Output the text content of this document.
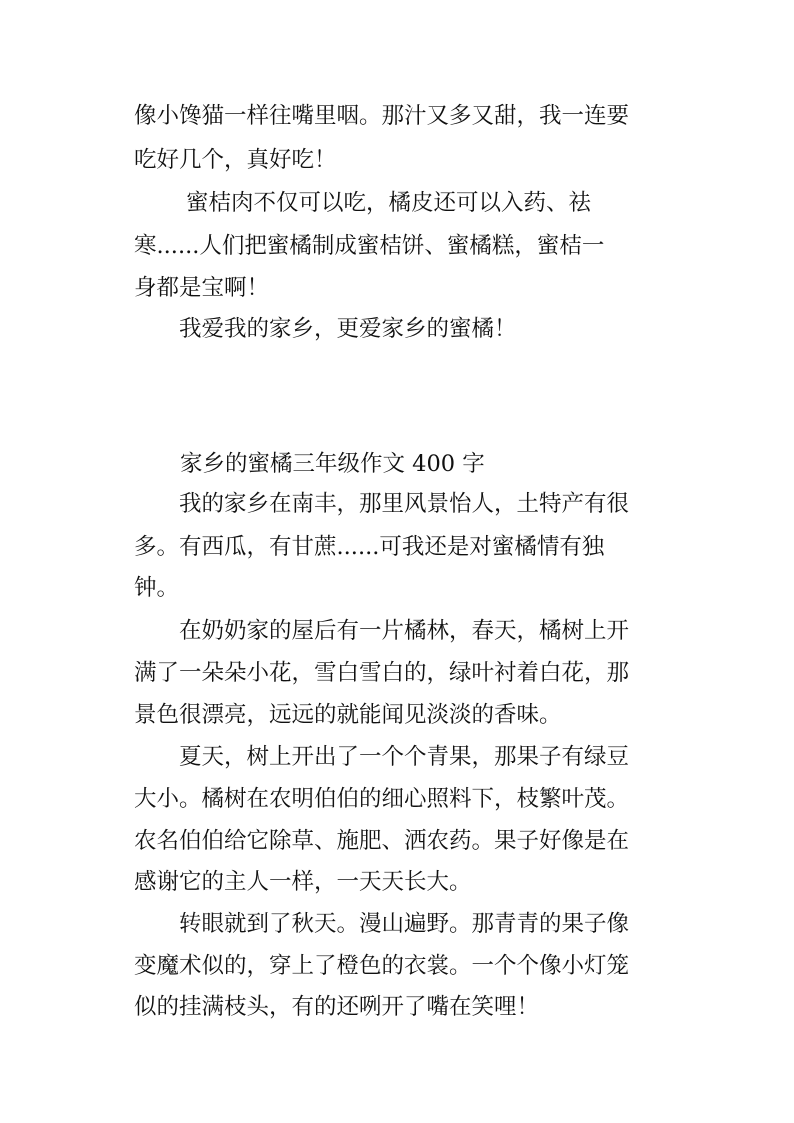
像小馋猫一样往嘴里咽。那汁又多又甜，我一连要

吃好几个，真好吃！

蜜桔肉不仅可以吃，橘皮还可以入药、祛

寒......人们把蜜橘制成蜜桔饼、蜜橘糕，蜜桔一

身都是宝啊！

我爱我的家乡，更爱家乡的蜜橘！

家乡的蜜橘三年级作文 400 字

我的家乡在南丰，那里风景怡人，土特产有很

多。有西瓜，有甘蔗......可我还是对蜜橘情有独

钟。

在奶奶家的屋后有一片橘林，春天，橘树上开

满了一朵朵小花，雪白雪白的，绿叶衬着白花，那

景色很漂亮，远远的就能闻见淡淡的香味。

夏天，树上开出了一个个青果，那果子有绿豆

大小。橘树在农明伯伯的细心照料下，枝繁叶茂。

农名伯伯给它除草、施肥、洒农药。果子好像是在

感谢它的主人一样，一天天长大。

转眼就到了秋天。漫山遍野。那青青的果子像

变魔术似的，穿上了橙色的衣裳。一个个像小灯笼

似的挂满枝头，有的还咧开了嘴在笑哩！
